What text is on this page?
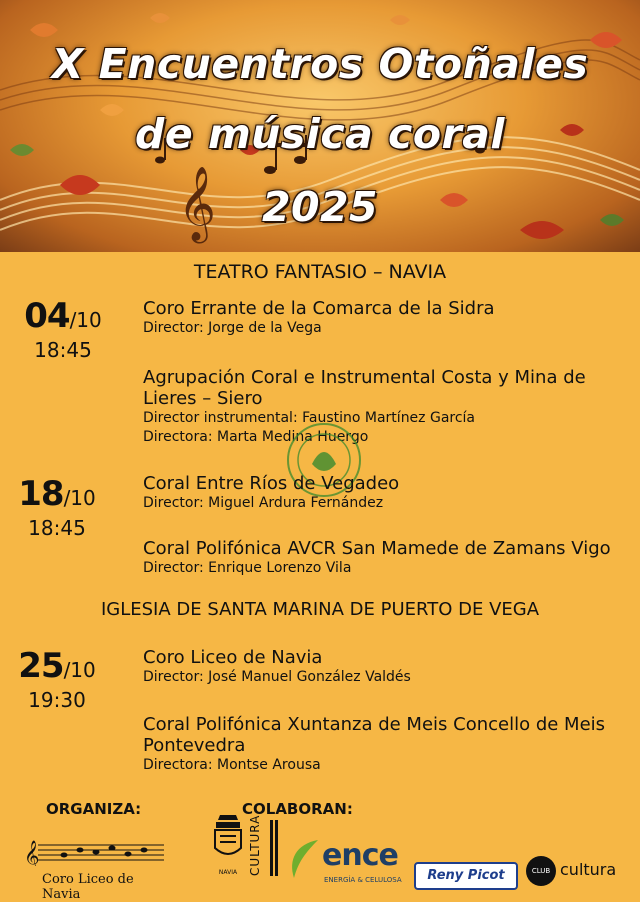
𝄞
X Encuentros Otoñales
de música coral
2025
TEATRO FANTASIO – NAVIA
04/10
18:45
Coro Errante de la Comarca de la Sidra
Director: Jorge de la Vega
Agrupación Coral e Instrumental Costa y Mina de Lieres – Siero
Director instrumental: Faustino Martínez García
Directora: Marta Medina Huergo
18/10
18:45
Coral Entre Ríos de Vegadeo
Director: Miguel Ardura Fernández
Coral Polifónica AVCR San Mamede de Zamans Vigo
Director: Enrique Lorenzo Vila
IGLESIA DE SANTA MARINA DE PUERTO DE VEGA
25/10
19:30
Coro Liceo de Navia
Director: José Manuel González Valdés
Coral Polifónica Xuntanza de Meis Concello de Meis Pontevedra
Directora: Montse Arousa
ORGANIZA:	COLABORAN:
𝄞
Coro Liceo de Navia
NAVIA CULTURA ence
ENERGÍA & CELULOSA	Reny Picot	CLUB cultura
